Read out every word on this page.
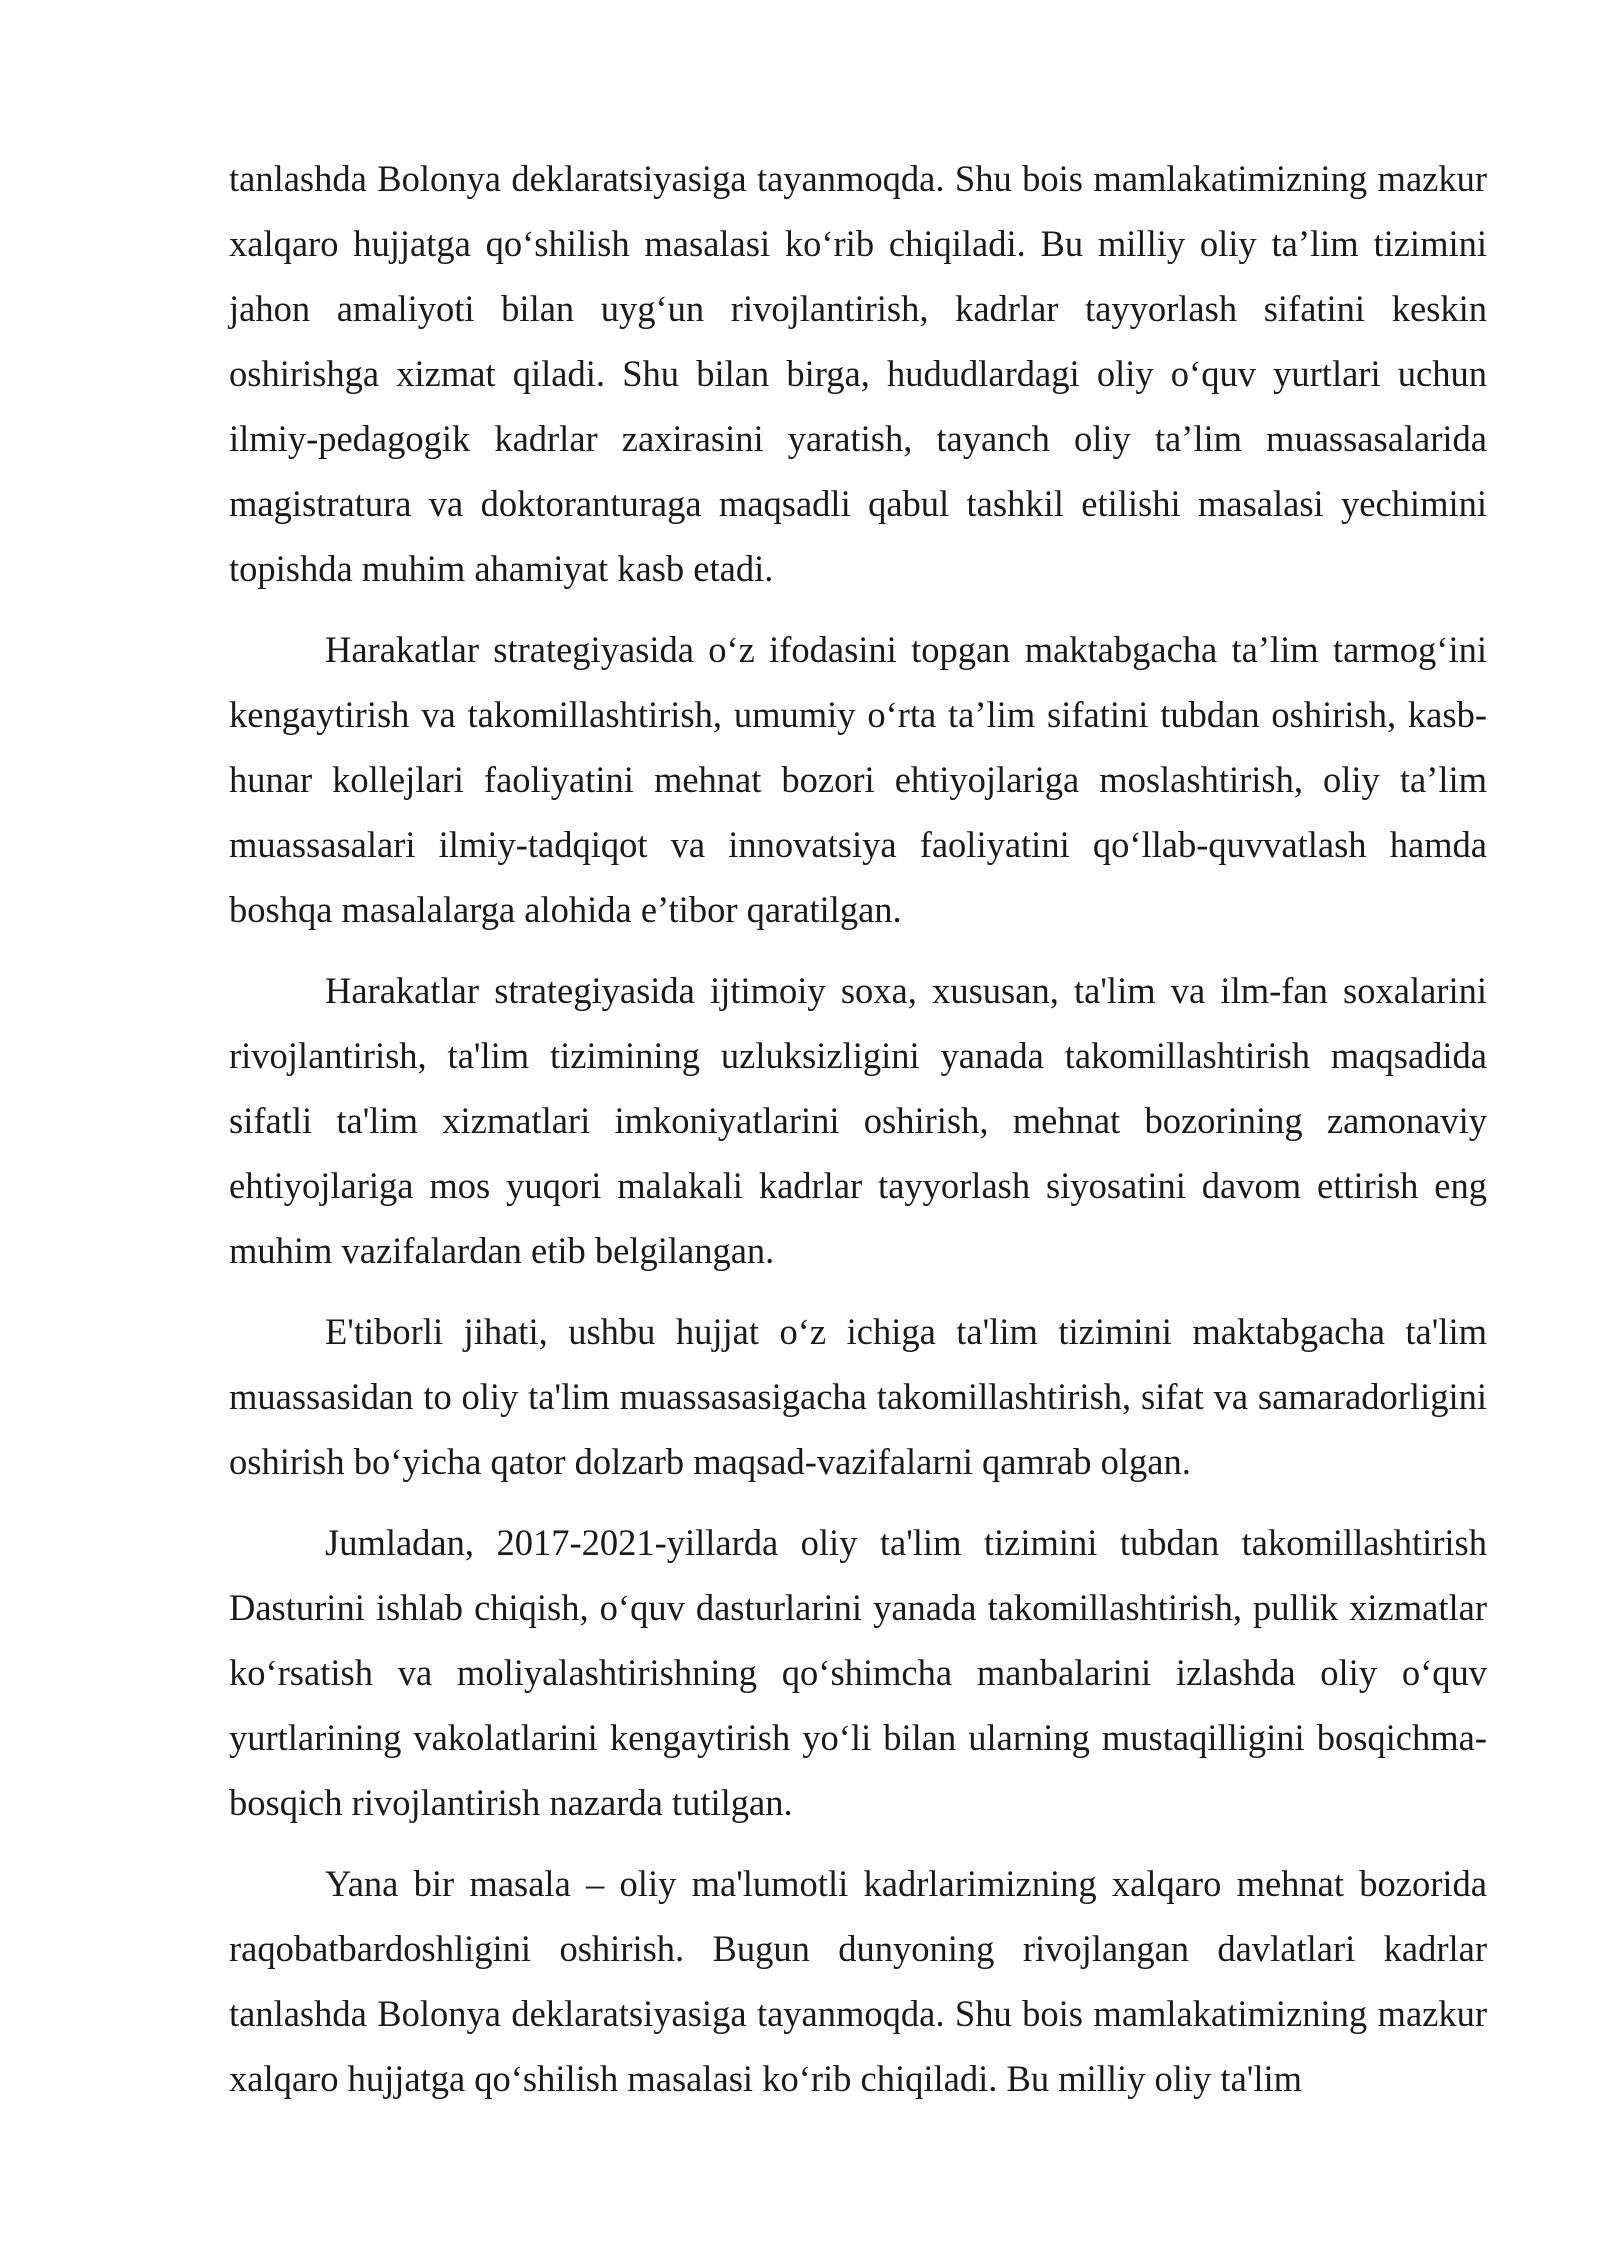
tanlashda Bolonya deklaratsiyasiga tayanmoqda. Shu bois mamlakatimizning mazkur xalqaro hujjatga qo‘shilish masalasi ko‘rib chiqiladi. Bu milliy oliy ta’lim tizimini jahon amaliyoti bilan uyg‘un rivojlantirish, kadrlar tayyorlash sifatini keskin oshirishga xizmat qiladi. Shu bilan birga, hududlardagi oliy o‘quv yurtlari uchun ilmiy-pedagogik kadrlar zaxirasini yaratish, tayanch oliy ta’lim muassasalarida magistratura va doktoranturaga maqsadli qabul tashkil etilishi masalasi yechimini topishda muhim ahamiyat kasb etadi.

Harakatlar strategiyasida o‘z ifodasini topgan maktabgacha ta’lim tarmog‘ini kengaytirish va takomillashtirish, umumiy o‘rta ta’lim sifatini tubdan oshirish, kasb-hunar kollejlari faoliyatini mehnat bozori ehtiyojlariga moslashtirish, oliy ta’lim muassasalari ilmiy-tadqiqot va innovatsiya faoliyatini qo‘llab-quvvatlash hamda boshqa masalalarga alohida e’tibor qaratilgan.

Harakatlar strategiyasida ijtimoiy soxa, xususan, ta'lim va ilm-fan soxalarini rivojlantirish, ta'lim tizimining uzluksizligini yanada takomillashtirish maqsadida sifatli ta'lim xizmatlari imkoniyatlarini oshirish, mehnat bozorining zamonaviy ehtiyojlariga mos yuqori malakali kadrlar tayyorlash siyosatini davom ettirish eng muhim vazifalardan etib belgilangan.

E'tiborli jihati, ushbu hujjat o‘z ichiga ta'lim tizimini maktabgacha ta'lim muassasidan to oliy ta'lim muassasasigacha takomillashtirish, sifat va samaradorligini oshirish bo‘yicha qator dolzarb maqsad-vazifalarni qamrab olgan.

Jumladan, 2017-2021-yillarda oliy ta'lim tizimini tubdan takomillashtirish Dasturini ishlab chiqish, o‘quv dasturlarini yanada takomillashtirish, pullik xizmatlar ko‘rsatish va moliyalashtirishning qo‘shimcha manbalarini izlashda oliy o‘quv yurtlarining vakolatlarini kengaytirish yo‘li bilan ularning mustaqilligini bosqichma-bosqich rivojlantirish nazarda tutilgan.

Yana bir masala – oliy ma'lumotli kadrlarimizning xalqaro mehnat bozorida raqobatbardoshligini oshirish. Bugun dunyoning rivojlangan davlatlari kadrlar tanlashda Bolonya deklaratsiyasiga tayanmoqda. Shu bois mamlakatimizning mazkur xalqaro hujjatga qo‘shilish masalasi ko‘rib chiqiladi. Bu milliy oliy ta'lim
